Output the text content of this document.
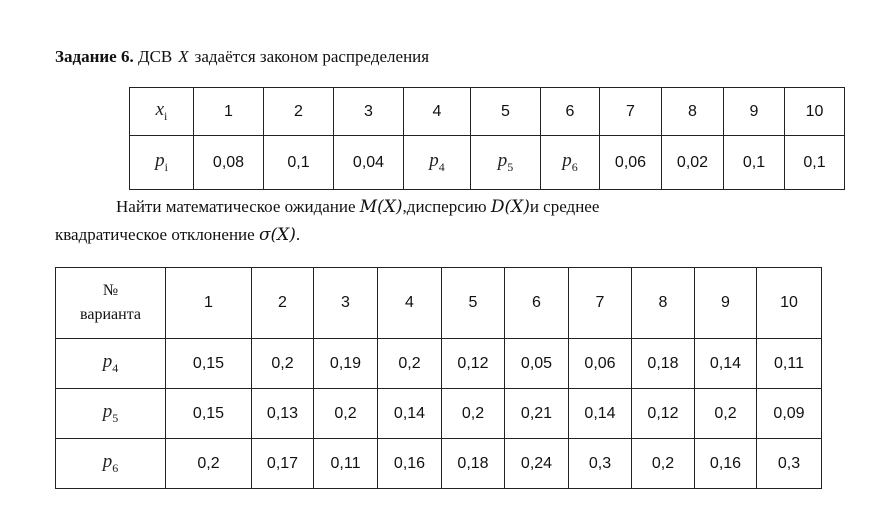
Задание 6. ДСВ X задаётся законом распределения
$x_i$	1	2	3	4	5	6	7	8	9	10
$p_i$	0,08	0,1	0,04	$p_4$	$p_5$	$p_6$	0,06	0,02	0,1	0,1
Найти математическое ожидание M(X),дисперсию D(X)и среднее
квадратическое отклонение σ(X).
№
варианта	1	2	3	4	5	6	7	8	9	10
$p_4$	0,15	0,2	0,19	0,2	0,12	0,05	0,06	0,18	0,14	0,11
$p_5$	0,15	0,13	0,2	0,14	0,2	0,21	0,14	0,12	0,2	0,09
$p_6$	0,2	0,17	0,11	0,16	0,18	0,24	0,3	0,2	0,16	0,3
